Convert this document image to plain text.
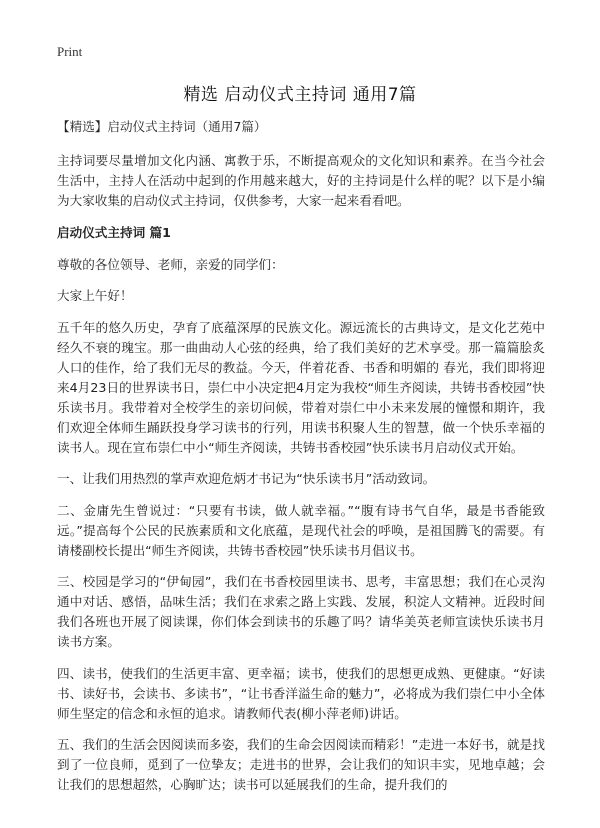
Print
精选 启动仪式主持词 通用7篇

【精选】启动仪式主持词（通用7篇）

主持词要尽量增加文化内涵、寓教于乐，不断提高观众的文化知识和素养。在当今社会生活中，主持人在活动中起到的作用越来越大，好的主持词是什么样的呢？以下是小编为大家收集的启动仪式主持词，仅供参考，大家一起来看看吧。

启动仪式主持词 篇1

尊敬的各位领导、老师，亲爱的同学们：

大家上午好！

五千年的悠久历史，孕育了底蕴深厚的民族文化。源远流长的古典诗文，是文化艺苑中经久不衰的瑰宝。那一曲曲动人心弦的经典，给了我们美好的艺术享受。那一篇篇脍炙人口的佳作，给了我们无尽的教益。今天，伴着花香、书香和明媚的 春光，我们即将迎来4月23日的世界读书日，崇仁中小决定把4月定为我校“师生齐阅读，共铸书香校园”快乐读书月。我带着对全校学生的亲切问候，带着对崇仁中小未来发展的憧憬和期许，我们欢迎全体师生踊跃投身学习读书的行列，用读书积聚人生的智慧，做一个快乐幸福的读书人。现在宣布崇仁中小“师生齐阅读，共铸书香校园”快乐读书月启动仪式开始。

一、让我们用热烈的掌声欢迎危炳才书记为“快乐读书月”活动致词。

二、金庸先生曾说过：“只要有书读，做人就幸福。”“腹有诗书气自华，最是书香能致远。”提高每个公民的民族素质和文化底蕴，是现代社会的呼唤，是祖国腾飞的需要。有请楼副校长提出“师生齐阅读，共铸书香校园”快乐读书月倡议书。

三、校园是学习的“伊甸园”，我们在书香校园里读书、思考，丰富思想；我们在心灵沟通中对话、感悟，品味生活；我们在求索之路上实践、发展，积淀人文精神。近段时间我们各班也开展了阅读课，你们体会到读书的乐趣了吗？请华美英老师宣读快乐读书月读书方案。

四、读书，使我们的生活更丰富、更幸福；读书，使我们的思想更成熟、更健康。“好读书、读好书，会读书、多读书”，“让书香洋溢生命的魅力”，必将成为我们崇仁中小全体师生坚定的信念和永恒的追求。请教师代表(柳小萍老师)讲话。

五、我们的生活会因阅读而多姿，我们的生命会因阅读而精彩！”走进一本好书，就是找到了一位良师，觅到了一位挚友；走进书的世界，会让我们的知识丰实，见地卓越；会让我们的思想超然，心胸旷达；读书可以延展我们的生命，提升我们的
